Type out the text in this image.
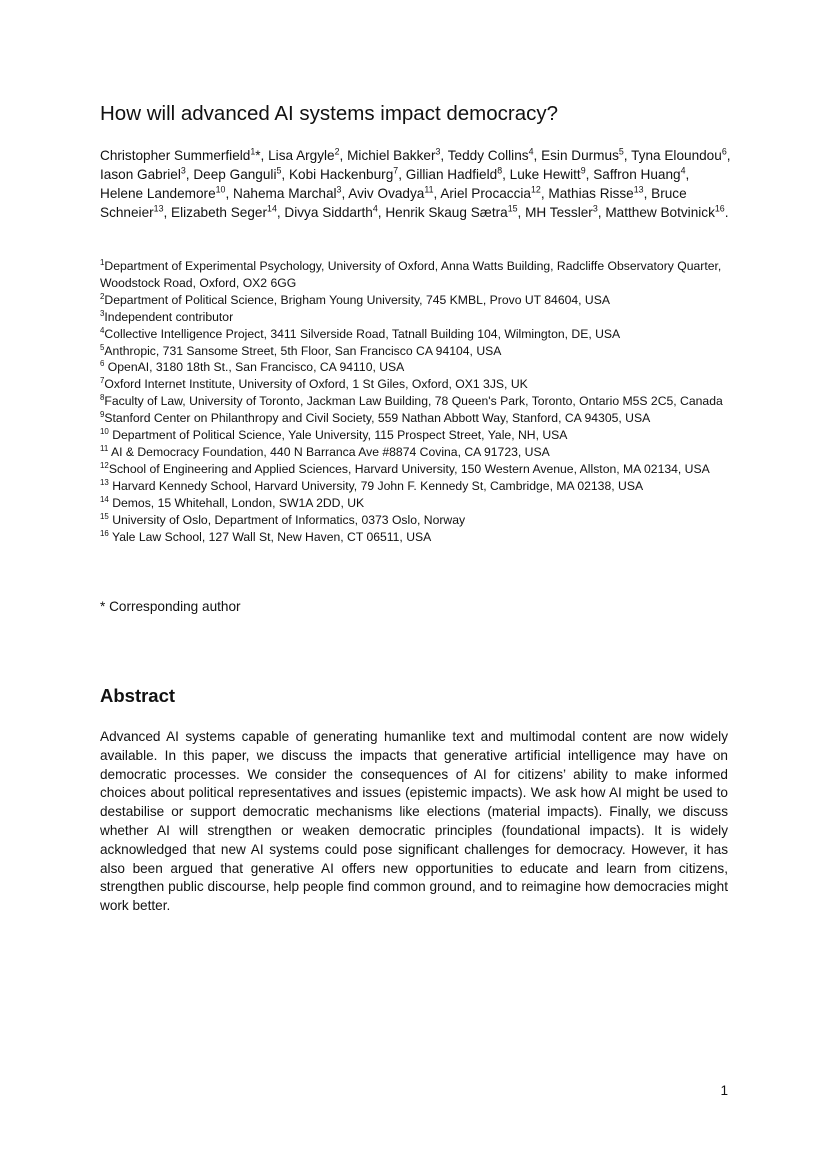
How will advanced AI systems impact democracy?

Christopher Summerfield$^1$*, Lisa Argyle$^2$, Michiel Bakker$^3$, Teddy Collins$^4$, Esin Durmus$^5$, Tyna Eloundou$^6$, Iason Gabriel$^3$, Deep Ganguli$^5$, Kobi Hackenburg$^7$, Gillian Hadfield$^8$, Luke Hewitt$^9$, Saffron Huang$^4$, Helene Landemore$^{10}$, Nahema Marchal$^3$, Aviv Ovadya$^{11}$, Ariel Procaccia$^{12}$, Mathias Risse$^{13}$, Bruce Schneier$^{13}$, Elizabeth Seger$^{14}$, Divya Siddarth$^4$, Henrik Skaug Sætra$^{15}$, MH Tessler$^3$, Matthew Botvinick$^{16}$.

$^1$Department of Experimental Psychology, University of Oxford, Anna Watts Building, Radcliffe Observatory Quarter, Woodstock Road, Oxford, OX2 6GG
$^2$Department of Political Science, Brigham Young University, 745 KMBL, Provo UT 84604, USA
$^3$Independent contributor
$^4$Collective Intelligence Project, 3411 Silverside Road, Tatnall Building 104, Wilmington, DE, USA
$^5$Anthropic, 731 Sansome Street, 5th Floor, San Francisco CA 94104, USA
$^6$ OpenAI, 3180 18th St., San Francisco, CA 94110, USA
$^7$Oxford Internet Institute, University of Oxford, 1 St Giles, Oxford, OX1 3JS, UK
$^8$Faculty of Law, University of Toronto, Jackman Law Building, 78 Queen's Park, Toronto, Ontario M5S 2C5, Canada
$^9$Stanford Center on Philanthropy and Civil Society, 559 Nathan Abbott Way, Stanford, CA 94305, USA
$^{10}$ Department of Political Science, Yale University, 115 Prospect Street, Yale, NH, USA
$^{11}$ AI & Democracy Foundation, 440 N Barranca Ave #8874 Covina, CA 91723, USA
$^{12}$School of Engineering and Applied Sciences, Harvard University, 150 Western Avenue, Allston, MA 02134, USA
$^{13}$ Harvard Kennedy School, Harvard University, 79 John F. Kennedy St, Cambridge, MA 02138, USA
$^{14}$ Demos, 15 Whitehall, London, SW1A 2DD, UK
$^{15}$ University of Oslo, Department of Informatics, 0373 Oslo, Norway
$^{16}$ Yale Law School, 127 Wall St, New Haven, CT 06511, USA

* Corresponding author

Abstract

Advanced AI systems capable of generating humanlike text and multimodal content are now widely available. In this paper, we discuss the impacts that generative artificial intelligence may have on democratic processes. We consider the consequences of AI for citizens’ ability to make informed choices about political representatives and issues (epistemic impacts). We ask how AI might be used to destabilise or support democratic mechanisms like elections (material impacts). Finally, we discuss whether AI will strengthen or weaken democratic principles (foundational impacts). It is widely acknowledged that new AI systems could pose significant challenges for democracy. However, it has also been argued that generative AI offers new opportunities to educate and learn from citizens, strengthen public discourse, help people find common ground, and to reimagine how democracies might work better.

1
